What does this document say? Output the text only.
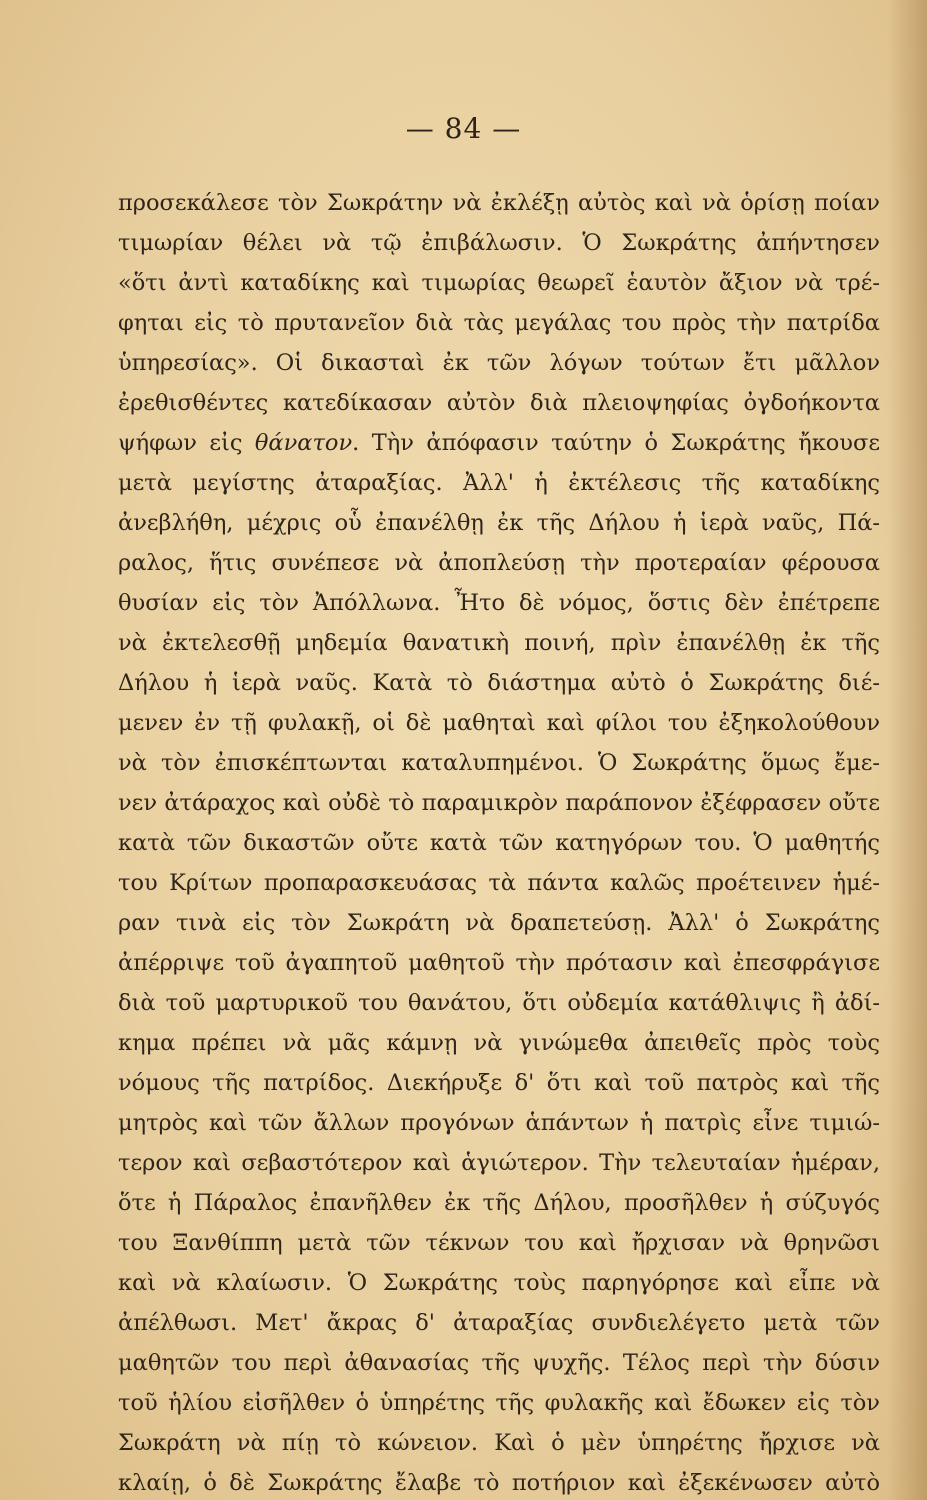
— 84 —
προσεκάλεσε τὸν Σωκράτην νὰ ἐκλέξῃ αὐτὸς καὶ νὰ ὁρίσῃ ποίαν
τιμωρίαν θέλει νὰ τῷ ἐπιβάλωσιν. Ὁ Σωκράτης ἀπήντησεν
«ὅτι ἀντὶ καταδίκης καὶ τιμωρίας θεωρεῖ ἑαυτὸν ἄξιον νὰ τρέ-
φηται εἰς τὸ πρυτανεῖον διὰ τὰς μεγάλας του πρὸς τὴν πατρίδα
ὑπηρεσίας». Οἱ δικασταὶ ἐκ τῶν λόγων τούτων ἔτι μᾶλλον
ἐρεθισθέντες κατεδίκασαν αὐτὸν διὰ πλειοψηφίας ὀγδοήκοντα
ψήφων εἰς θάνατον. Τὴν ἀπόφασιν ταύτην ὁ Σωκράτης ἤκουσε
μετὰ μεγίστης ἀταραξίας. Ἀλλ' ἡ ἐκτέλεσις τῆς καταδίκης
ἀνεβλήθη, μέχρις οὗ ἐπανέλθῃ ἐκ τῆς Δήλου ἡ ἱερὰ ναῦς, Πά-
ραλος, ἥτις συνέπεσε νὰ ἀποπλεύσῃ τὴν προτεραίαν φέρουσα
θυσίαν εἰς τὸν Ἀπόλλωνα. Ἦτο δὲ νόμος, ὅστις δὲν ἐπέτρεπε
νὰ ἐκτελεσθῇ μηδεμία θανατικὴ ποινή, πρὶν ἐπανέλθῃ ἐκ τῆς
Δήλου ἡ ἱερὰ ναῦς. Κατὰ τὸ διάστημα αὐτὸ ὁ Σωκράτης διέ-
μενεν ἐν τῇ φυλακῇ, οἱ δὲ μαθηταὶ καὶ φίλοι του ἐξηκολούθουν
νὰ τὸν ἐπισκέπτωνται καταλυπημένοι. Ὁ Σωκράτης ὅμως ἔμε-
νεν ἀτάραχος καὶ οὐδὲ τὸ παραμικρὸν παράπονον ἐξέφρασεν οὔτε
κατὰ τῶν δικαστῶν οὔτε κατὰ τῶν κατηγόρων του. Ὁ μαθητής
του Κρίτων προπαρασκευάσας τὰ πάντα καλῶς προέτεινεν ἡμέ-
ραν τινὰ εἰς τὸν Σωκράτη νὰ δραπετεύσῃ. Ἀλλ' ὁ Σωκράτης
ἀπέρριψε τοῦ ἀγαπητοῦ μαθητοῦ τὴν πρότασιν καὶ ἐπεσφράγισε
διὰ τοῦ μαρτυρικοῦ του θανάτου, ὅτι οὐδεμία κατάθλιψις ἢ ἀδί-
κημα πρέπει νὰ μᾶς κάμνῃ νὰ γινώμεθα ἀπειθεῖς πρὸς τοὺς
νόμους τῆς πατρίδος. Διεκήρυξε δ' ὅτι καὶ τοῦ πατρὸς καὶ τῆς
μητρὸς καὶ τῶν ἄλλων προγόνων ἁπάντων ἡ πατρὶς εἶνε τιμιώ-
τερον καὶ σεβαστότερον καὶ ἁγιώτερον. Τὴν τελευταίαν ἡμέραν,
ὅτε ἡ Πάραλος ἐπανῆλθεν ἐκ τῆς Δήλου, προσῆλθεν ἡ σύζυγός
του Ξανθίππη μετὰ τῶν τέκνων του καὶ ἤρχισαν νὰ θρηνῶσι
καὶ νὰ κλαίωσιν. Ὁ Σωκράτης τοὺς παρηγόρησε καὶ εἶπε νὰ
ἀπέλθωσι. Μετ' ἄκρας δ' ἀταραξίας συνδιελέγετο μετὰ τῶν
μαθητῶν του περὶ ἀθανασίας τῆς ψυχῆς. Τέλος περὶ τὴν δύσιν
τοῦ ἡλίου εἰσῆλθεν ὁ ὑπηρέτης τῆς φυλακῆς καὶ ἔδωκεν εἰς τὸν
Σωκράτη νὰ πίῃ τὸ κώνειον. Καὶ ὁ μὲν ὑπηρέτης ἤρχισε νὰ
κλαίῃ, ὁ δὲ Σωκράτης ἔλαβε τὸ ποτήριον καὶ ἐξεκένωσεν αὐτὸ
